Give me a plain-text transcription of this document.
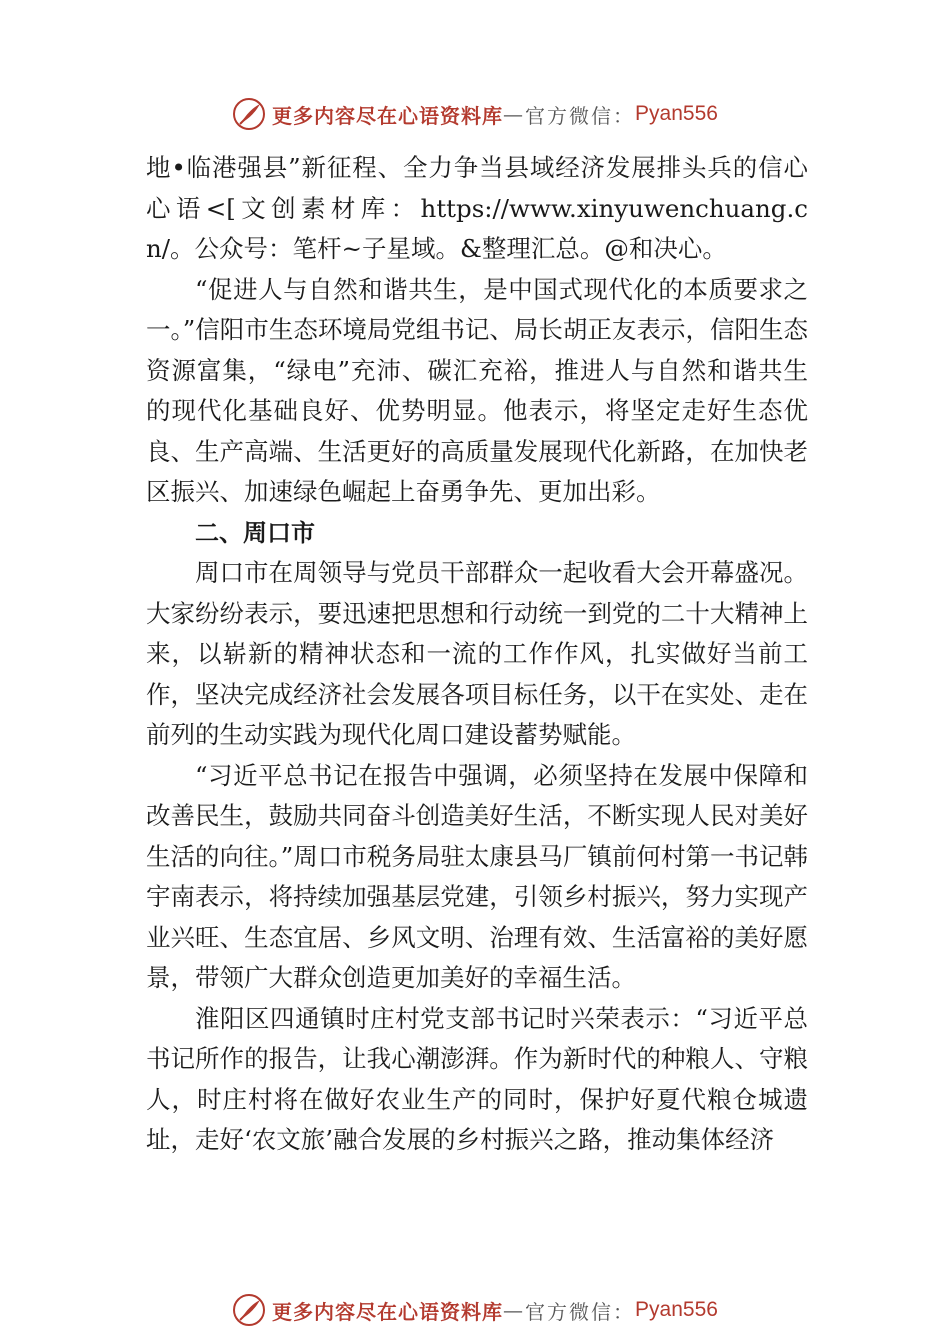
更多内容尽在心语资料库 — 官方微信： Pyan556

地•临港强县”新征程、全力争当县域经济发展排头兵的信心心语<[文创素材库：https://www.xinyuwenchuang.cn/。公众号：笔杆~子星域。&整理汇总。@和决心。

“促进人与自然和谐共生，是中国式现代化的本质要求之一。”信阳市生态环境局党组书记、局长胡正友表示，信阳生态资源富集，“绿电”充沛、碳汇充裕，推进人与自然和谐共生的现代化基础良好、优势明显。他表示，将坚定走好生态优良、生产高端、生活更好的高质量发展现代化新路，在加快老区振兴、加速绿色崛起上奋勇争先、更加出彩。

二、周口市

周口市在周领导与党员干部群众一起收看大会开幕盛况。大家纷纷表示，要迅速把思想和行动统一到党的二十大精神上来，以崭新的精神状态和一流的工作作风，扎实做好当前工作，坚决完成经济社会发展各项目标任务，以干在实处、走在前列的生动实践为现代化周口建设蓄势赋能。

“习近平总书记在报告中强调，必须坚持在发展中保障和改善民生，鼓励共同奋斗创造美好生活，不断实现人民对美好生活的向往。”周口市税务局驻太康县马厂镇前何村第一书记韩宇南表示，将持续加强基层党建，引领乡村振兴，努力实现产业兴旺、生态宜居、乡风文明、治理有效、生活富裕的美好愿景，带领广大群众创造更加美好的幸福生活。

淮阳区四通镇时庄村党支部书记时兴荣表示：“习近平总书记所作的报告，让我心潮澎湃。作为新时代的种粮人、守粮人，时庄村将在做好农业生产的同时，保护好夏代粮仓城遗址，走好‘农文旅’融合发展的乡村振兴之路，推动集体经济

更多内容尽在心语资料库 — 官方微信： Pyan556
